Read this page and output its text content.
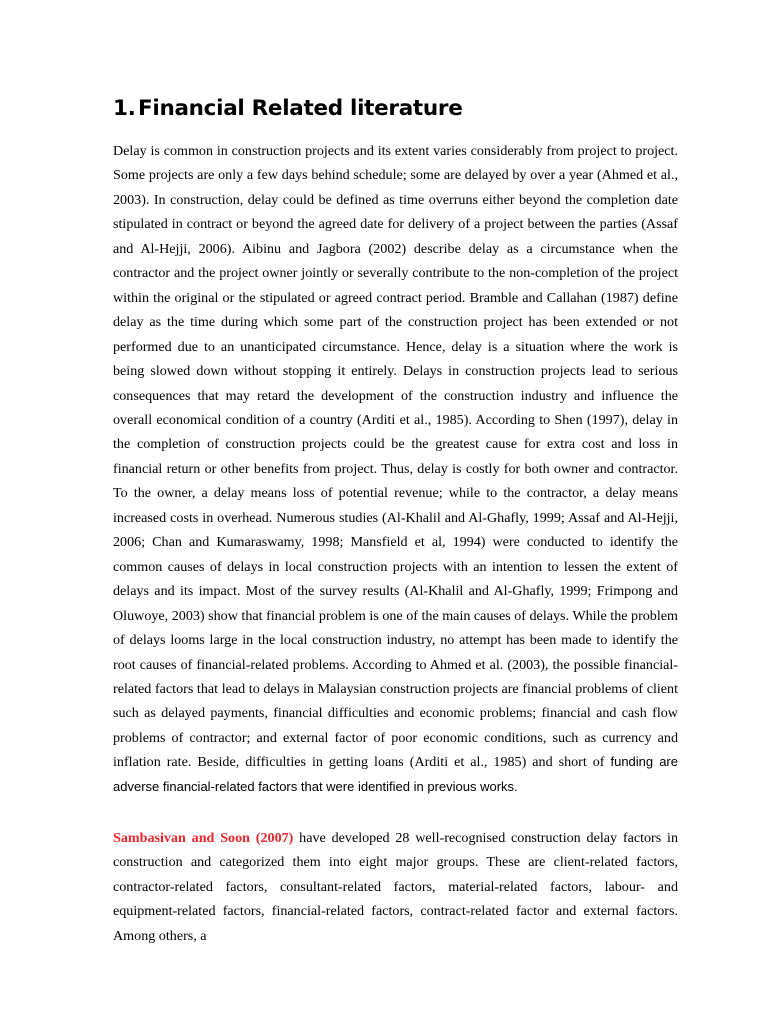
1. Financial Related literature

Delay is common in construction projects and its extent varies considerably from project to project. Some projects are only a few days behind schedule; some are delayed by over a year (Ahmed et al., 2003). In construction, delay could be defined as time overruns either beyond the completion date stipulated in contract or beyond the agreed date for delivery of a project between the parties (Assaf and Al-Hejji, 2006). Aibinu and Jagbora (2002) describe delay as a circumstance when the contractor and the project owner jointly or severally contribute to the non-completion of the project within the original or the stipulated or agreed contract period. Bramble and Callahan (1987) define delay as the time during which some part of the construction project has been extended or not performed due to an unanticipated circumstance. Hence, delay is a situation where the work is being slowed down without stopping it entirely. Delays in construction projects lead to serious consequences that may retard the development of the construction industry and influence the overall economical condition of a country (Arditi et al., 1985). According to Shen (1997), delay in the completion of construction projects could be the greatest cause for extra cost and loss in financial return or other benefits from project. Thus, delay is costly for both owner and contractor. To the owner, a delay means loss of potential revenue; while to the contractor, a delay means increased costs in overhead. Numerous studies (Al-Khalil and Al-Ghafly, 1999; Assaf and Al-Hejji, 2006; Chan and Kumaraswamy, 1998; Mansfield et al, 1994) were conducted to identify the common causes of delays in local construction projects with an intention to lessen the extent of delays and its impact. Most of the survey results (Al-Khalil and Al-Ghafly, 1999; Frimpong and Oluwoye, 2003) show that financial problem is one of the main causes of delays. While the problem of delays looms large in the local construction industry, no attempt has been made to identify the root causes of financial-related problems. According to Ahmed et al. (2003), the possible financial-related factors that lead to delays in Malaysian construction projects are financial problems of client such as delayed payments, financial difficulties and economic problems; financial and cash flow problems of contractor; and external factor of poor economic conditions, such as currency and inflation rate. Beside, difficulties in getting loans (Arditi et al., 1985) and short of funding are adverse financial-related factors that were identified in previous works.

Sambasivan and Soon (2007) have developed 28 well-recognised construction delay factors in construction and categorized them into eight major groups. These are client-related factors, contractor-related factors, consultant-related factors, material-related factors, labour- and equipment-related factors, financial-related factors, contract-related factor and external factors. Among others, a
